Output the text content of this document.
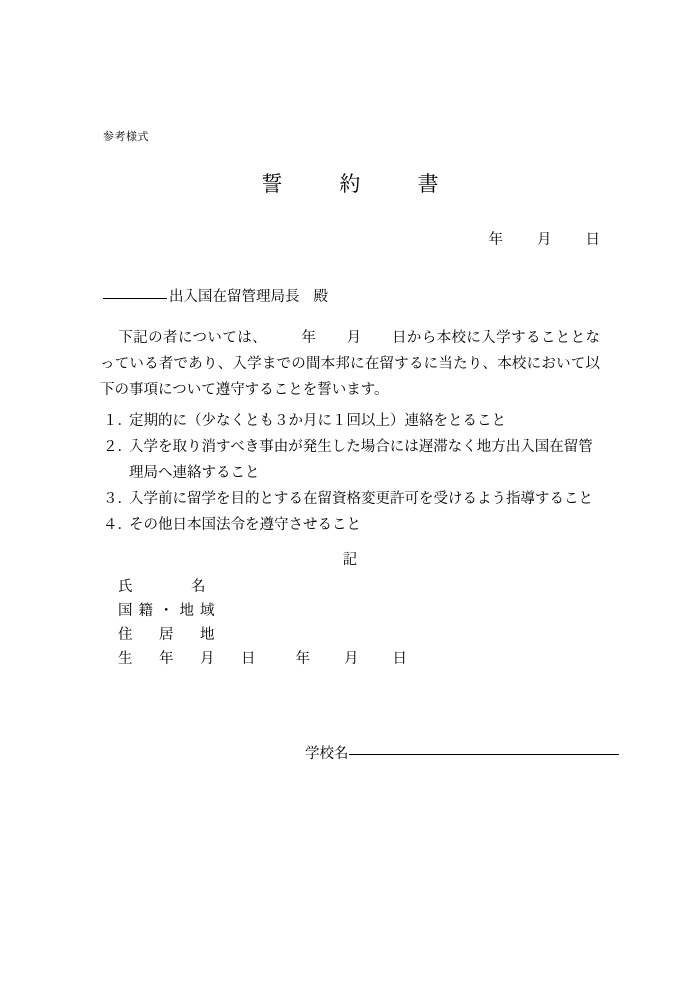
参考様式
誓　約　書
年 月 日
出入国在留管理局長 殿
下記の者については、 年 月 日から本校に入学することとなっている者であり、入学までの間本邦に在留するに当たり、本校において以下の事項について遵守することを誓います。
１．
定期的に（少なくとも３か月に１回以上）連絡をとること
２．
入学を取り消すべき事由が発生した場合には遅滞なく地方出入国在留管理局へ連絡すること
３．
入学前に留学を目的とする在留資格変更許可を受けるよう指導すること
４．
その他日本国法令を遵守させること
記
氏　名
国籍・地域
住　居　地
生　年　月　日 年 月 日
学校名
